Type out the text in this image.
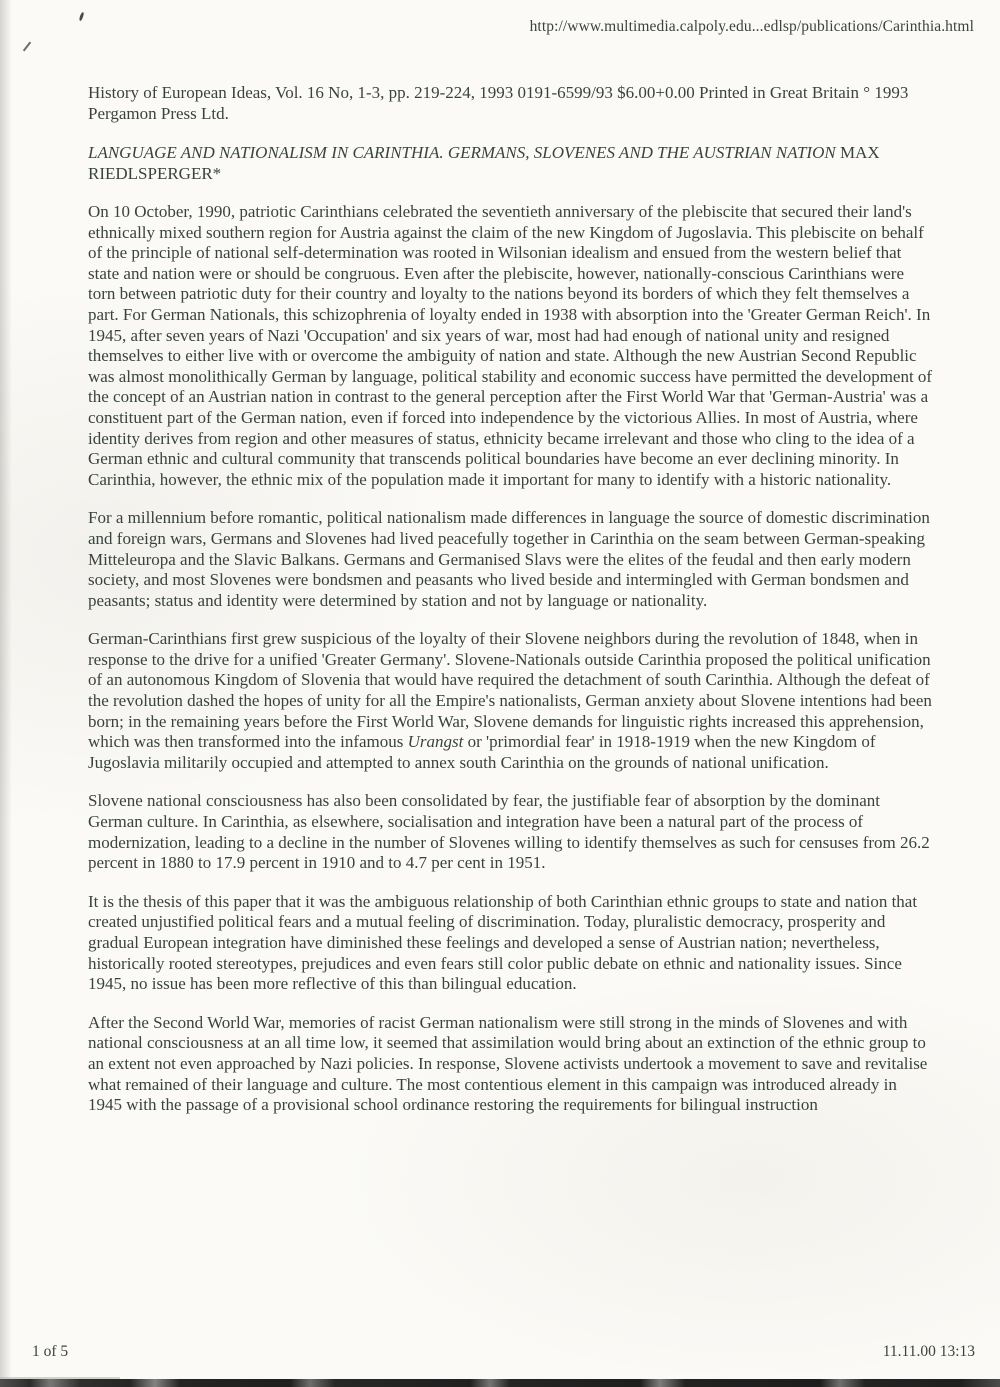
http://www.multimedia.calpoly.edu...edlsp/publications/Carinthia.html

History of European Ideas, Vol. 16 No, 1-3, pp. 219-224, 1993 0191-6599/93 $6.00+0.00 Printed in Great Britain ° 1993 Pergamon Press Ltd.

LANGUAGE AND NATIONALISM IN CARINTHIA. GERMANS, SLOVENES AND THE AUSTRIAN NATION MAX RIEDLSPERGER*

On 10 October, 1990, patriotic Carinthians celebrated the seventieth anniversary of the plebiscite that secured their land's ethnically mixed southern region for Austria against the claim of the new Kingdom of Jugoslavia. This plebiscite on behalf of the principle of national self-determination was rooted in Wilsonian idealism and ensued from the western belief that state and nation were or should be congruous. Even after the plebiscite, however, nationally-conscious Carinthians were torn between patriotic duty for their country and loyalty to the nations beyond its borders of which they felt themselves a part. For German Nationals, this schizophrenia of loyalty ended in 1938 with absorption into the 'Greater German Reich'. In 1945, after seven years of Nazi 'Occupation' and six years of war, most had had enough of national unity and resigned themselves to either live with or overcome the ambiguity of nation and state. Although the new Austrian Second Republic was almost monolithically German by language, political stability and economic success have permitted the development of the concept of an Austrian nation in contrast to the general perception after the First World War that 'German-Austria' was a constituent part of the German nation, even if forced into independence by the victorious Allies. In most of Austria, where identity derives from region and other measures of status, ethnicity became irrelevant and those who cling to the idea of a German ethnic and cultural community that transcends political boundaries have become an ever declining minority. In Carinthia, however, the ethnic mix of the population made it important for many to identify with a historic nationality.

For a millennium before romantic, political nationalism made differences in language the source of domestic discrimination and foreign wars, Germans and Slovenes had lived peacefully together in Carinthia on the seam between German-speaking Mitteleuropa and the Slavic Balkans. Germans and Germanised Slavs were the elites of the feudal and then early modern society, and most Slovenes were bondsmen and peasants who lived beside and intermingled with German bondsmen and peasants; status and identity were determined by station and not by language or nationality.

German-Carinthians first grew suspicious of the loyalty of their Slovene neighbors during the revolution of 1848, when in response to the drive for a unified 'Greater Germany'. Slovene-Nationals outside Carinthia proposed the political unification of an autonomous Kingdom of Slovenia that would have required the detachment of south Carinthia. Although the defeat of the revolution dashed the hopes of unity for all the Empire's nationalists, German anxiety about Slovene intentions had been born; in the remaining years before the First World War, Slovene demands for linguistic rights increased this apprehension, which was then transformed into the infamous Urangst or 'primordial fear' in 1918-1919 when the new Kingdom of Jugoslavia militarily occupied and attempted to annex south Carinthia on the grounds of national unification.

Slovene national consciousness has also been consolidated by fear, the justifiable fear of absorption by the dominant German culture. In Carinthia, as elsewhere, socialisation and integration have been a natural part of the process of modernization, leading to a decline in the number of Slovenes willing to identify themselves as such for censuses from 26.2 percent in 1880 to 17.9 percent in 1910 and to 4.7 per cent in 1951.

It is the thesis of this paper that it was the ambiguous relationship of both Carinthian ethnic groups to state and nation that created unjustified political fears and a mutual feeling of discrimination. Today, pluralistic democracy, prosperity and gradual European integration have diminished these feelings and developed a sense of Austrian nation; nevertheless, historically rooted stereotypes, prejudices and even fears still color public debate on ethnic and nationality issues. Since 1945, no issue has been more reflective of this than bilingual education.

After the Second World War, memories of racist German nationalism were still strong in the minds of Slovenes and with national consciousness at an all time low, it seemed that assimilation would bring about an extinction of the ethnic group to an extent not even approached by Nazi policies. In response, Slovene activists undertook a movement to save and revitalise what remained of their language and culture. The most contentious element in this campaign was introduced already in 1945 with the passage of a provisional school ordinance restoring the requirements for bilingual instruction

1 of 5	11.11.00 13:13
